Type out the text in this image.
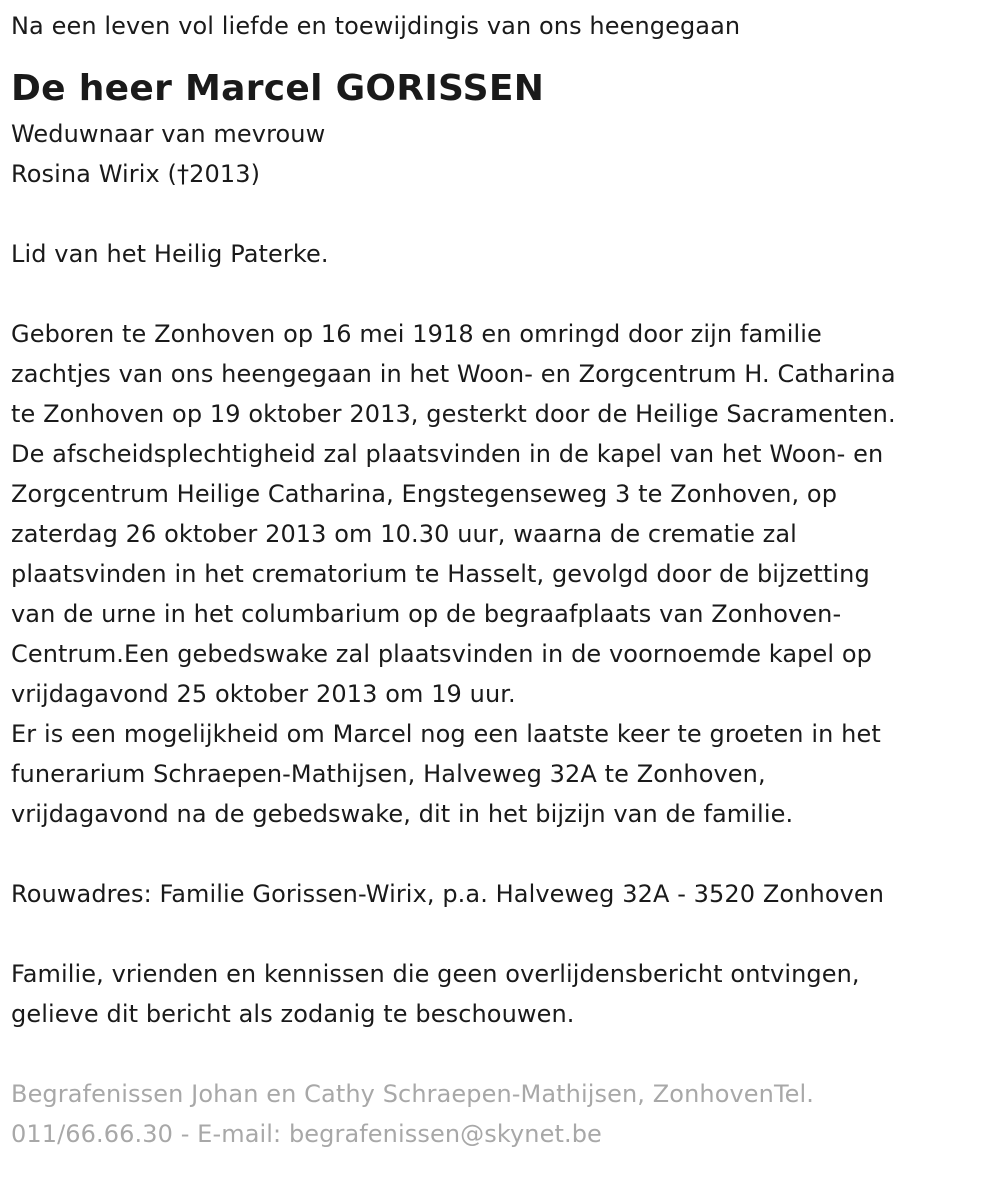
Na een leven vol liefde en toewijdingis van ons heengegaan
De heer Marcel GORISSEN
Weduwnaar van mevrouw
Rosina Wirix (†2013)
Lid van het Heilig Paterke.
Geboren te Zonhoven op 16 mei 1918 en omringd door zijn familie
zachtjes van ons heengegaan in het Woon- en Zorgcentrum H. Catharina
te Zonhoven op 19 oktober 2013, gesterkt door de Heilige Sacramenten.
De afscheidsplechtigheid zal plaatsvinden in de kapel van het Woon- en
Zorgcentrum Heilige Catharina, Engstegenseweg 3 te Zonhoven, op
zaterdag 26 oktober 2013 om 10.30 uur, waarna de crematie zal
plaatsvinden in het crematorium te Hasselt, gevolgd door de bijzetting
van de urne in het columbarium op de begraafplaats van Zonhoven-
Centrum.Een gebedswake zal plaatsvinden in de voornoemde kapel op
vrijdagavond 25 oktober 2013 om 19 uur.
Er is een mogelijkheid om Marcel nog een laatste keer te groeten in het
funerarium Schraepen-Mathijsen, Halveweg 32A te Zonhoven,
vrijdagavond na de gebedswake, dit in het bijzijn van de familie.
Rouwadres: Familie Gorissen-Wirix, p.a. Halveweg 32A - 3520 Zonhoven
Familie, vrienden en kennissen die geen overlijdensbericht ontvingen,
gelieve dit bericht als zodanig te beschouwen.
Begrafenissen Johan en Cathy Schraepen-Mathijsen, ZonhovenTel.
011/66.66.30 - E-mail: begrafenissen@skynet.be
